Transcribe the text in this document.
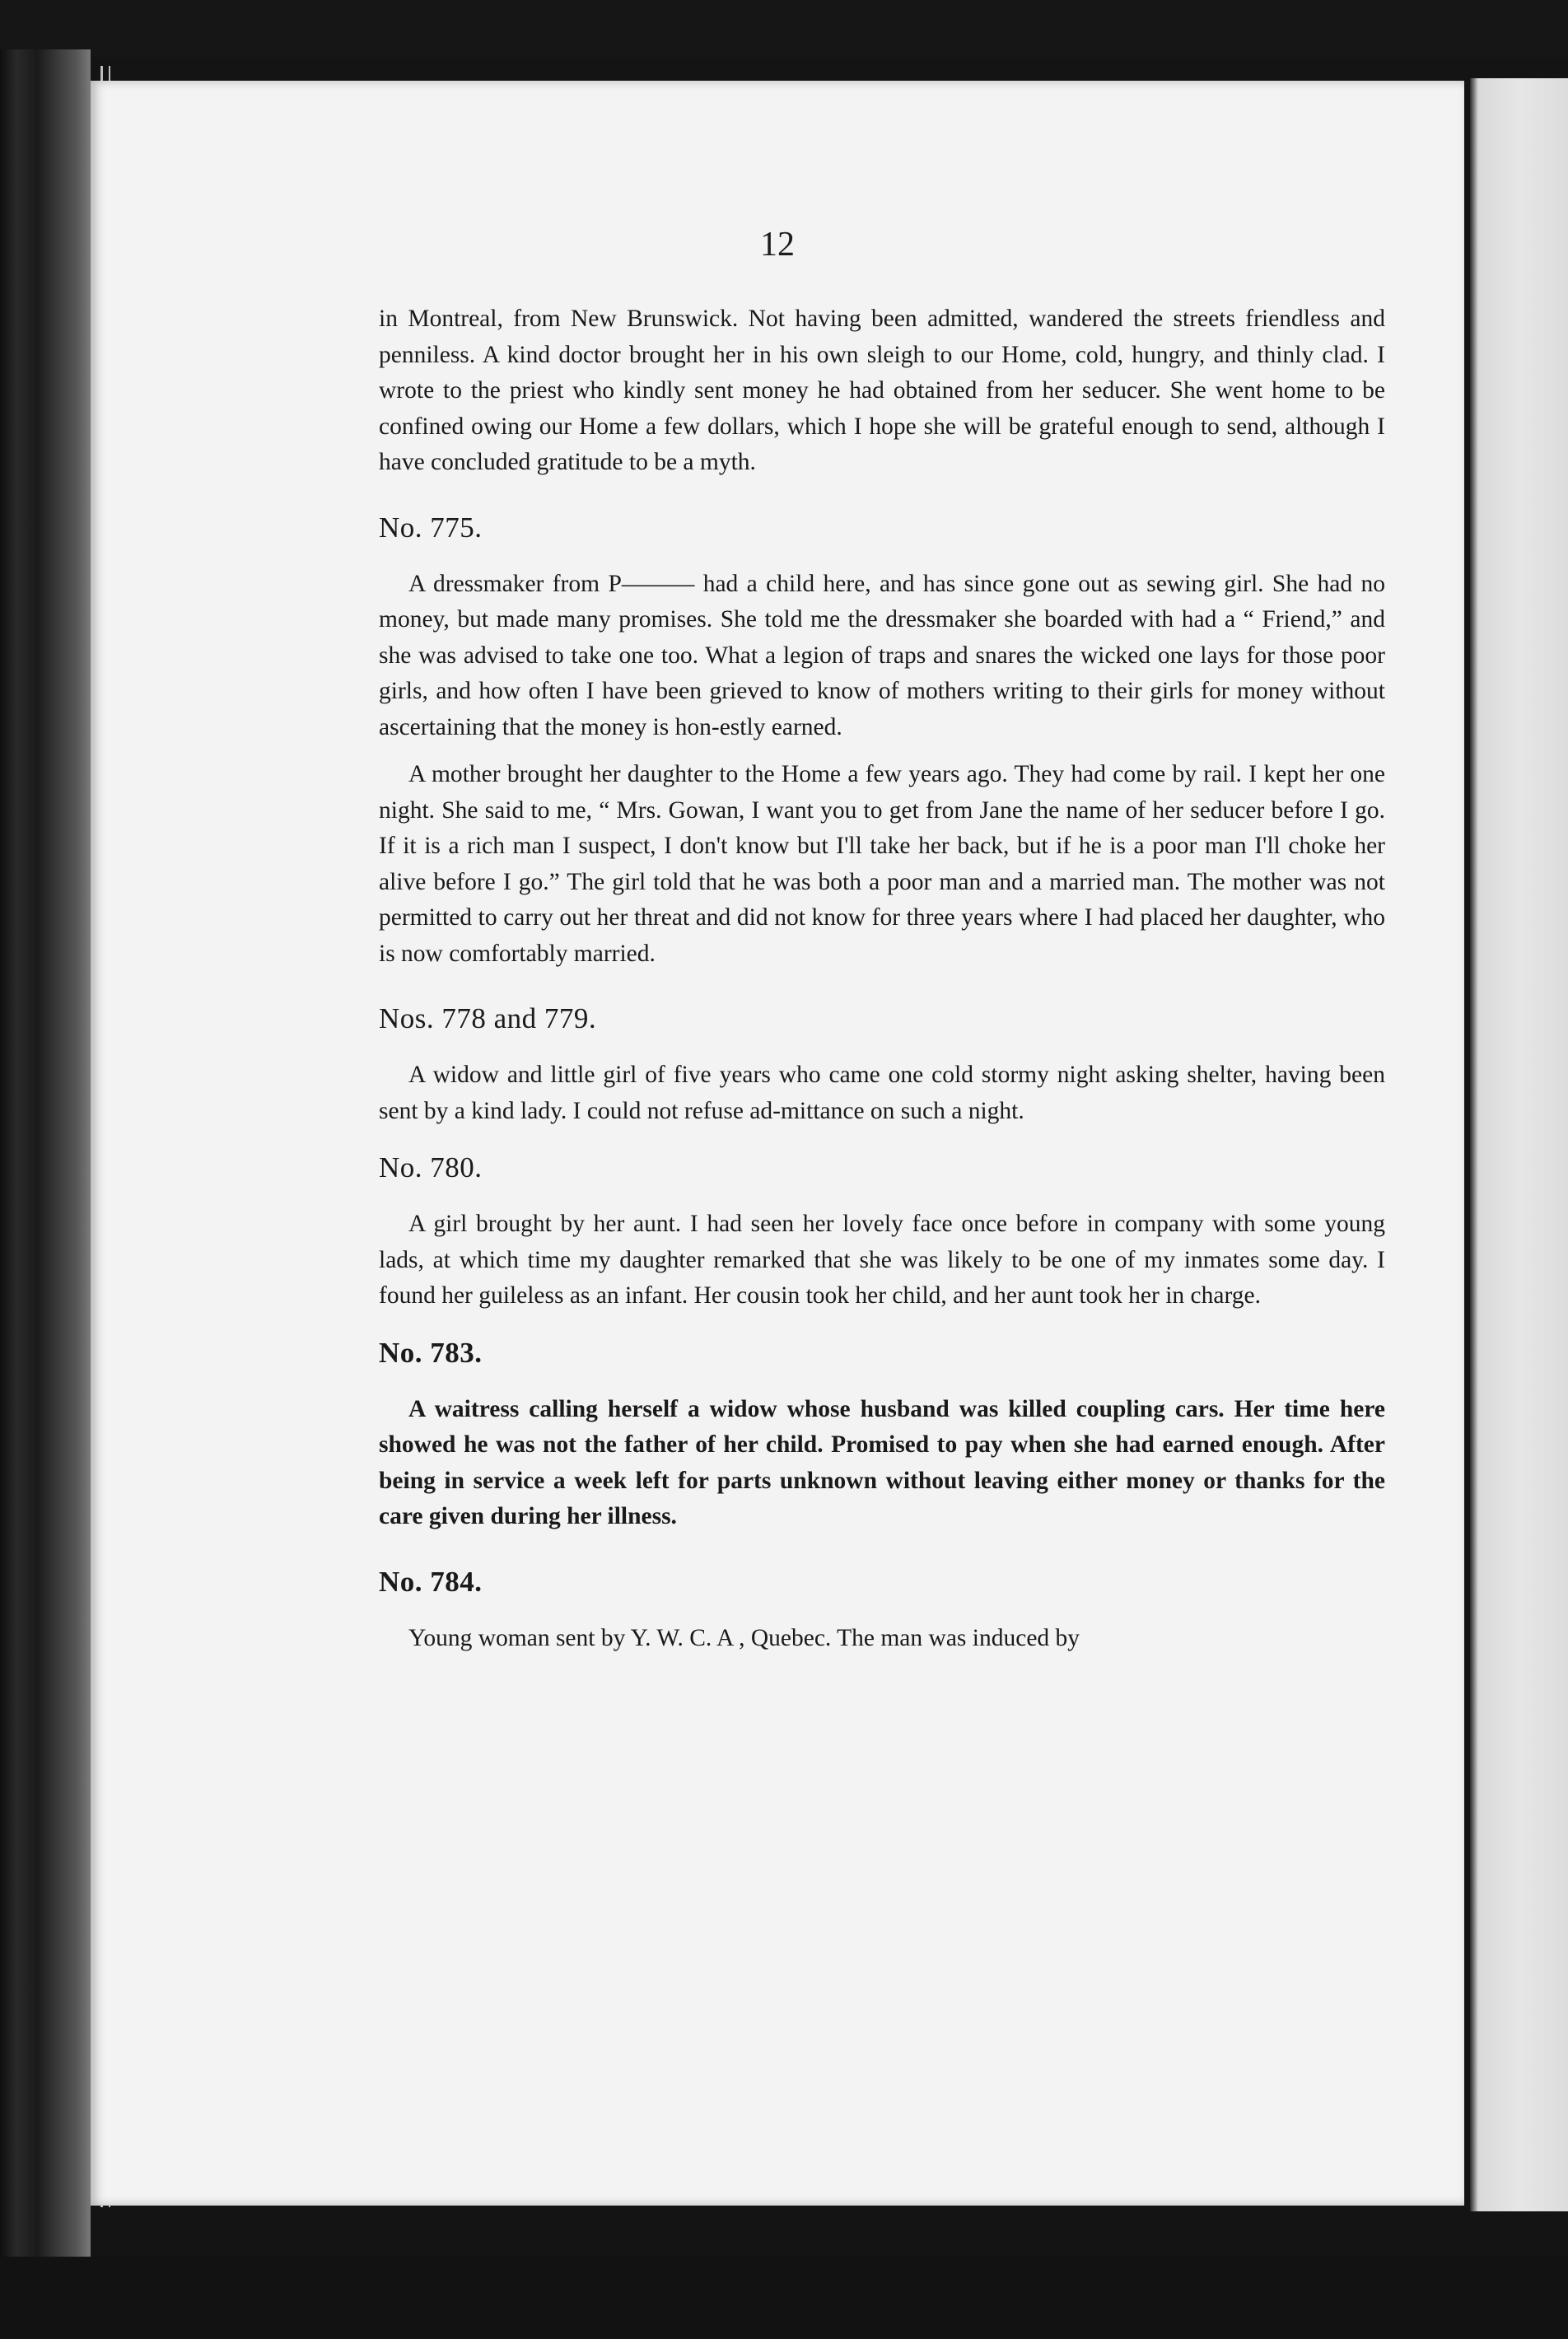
12

in Montreal, from New Brunswick. Not having been admitted, wandered the streets friendless and penniless. A kind doctor brought her in his own sleigh to our Home, cold, hungry, and thinly clad. I wrote to the priest who kindly sent money he had obtained from her seducer. She went home to be confined owing our Home a few dollars, which I hope she will be grateful enough to send, although I have concluded gratitude to be a myth.

No. 775.

A dressmaker from P——— had a child here, and has since gone out as sewing girl. She had no money, but made many promises. She told me the dressmaker she boarded with had a “ Friend,” and she was advised to take one too. What a legion of traps and snares the wicked one lays for those poor girls, and how often I have been grieved to know of mothers writing to their girls for money without ascertaining that the money is hon-estly earned.

A mother brought her daughter to the Home a few years ago. They had come by rail. I kept her one night. She said to me, “ Mrs. Gowan, I want you to get from Jane the name of her seducer before I go. If it is a rich man I suspect, I don't know but I'll take her back, but if he is a poor man I'll choke her alive before I go.” The girl told that he was both a poor man and a married man. The mother was not permitted to carry out her threat and did not know for three years where I had placed her daughter, who is now comfortably married.

Nos. 778 and 779.

A widow and little girl of five years who came one cold stormy night asking shelter, having been sent by a kind lady. I could not refuse ad-mittance on such a night.

No. 780.

A girl brought by her aunt. I had seen her lovely face once before in company with some young lads, at which time my daughter remarked that she was likely to be one of my inmates some day. I found her guileless as an infant. Her cousin took her child, and her aunt took her in charge.

No. 783.

A waitress calling herself a widow whose husband was killed coupling cars. Her time here showed he was not the father of her child. Promised to pay when she had earned enough. After being in service a week left for parts unknown without leaving either money or thanks for the care given during her illness.

No. 784.

Young woman sent by Y. W. C. A , Quebec. The man was induced by
